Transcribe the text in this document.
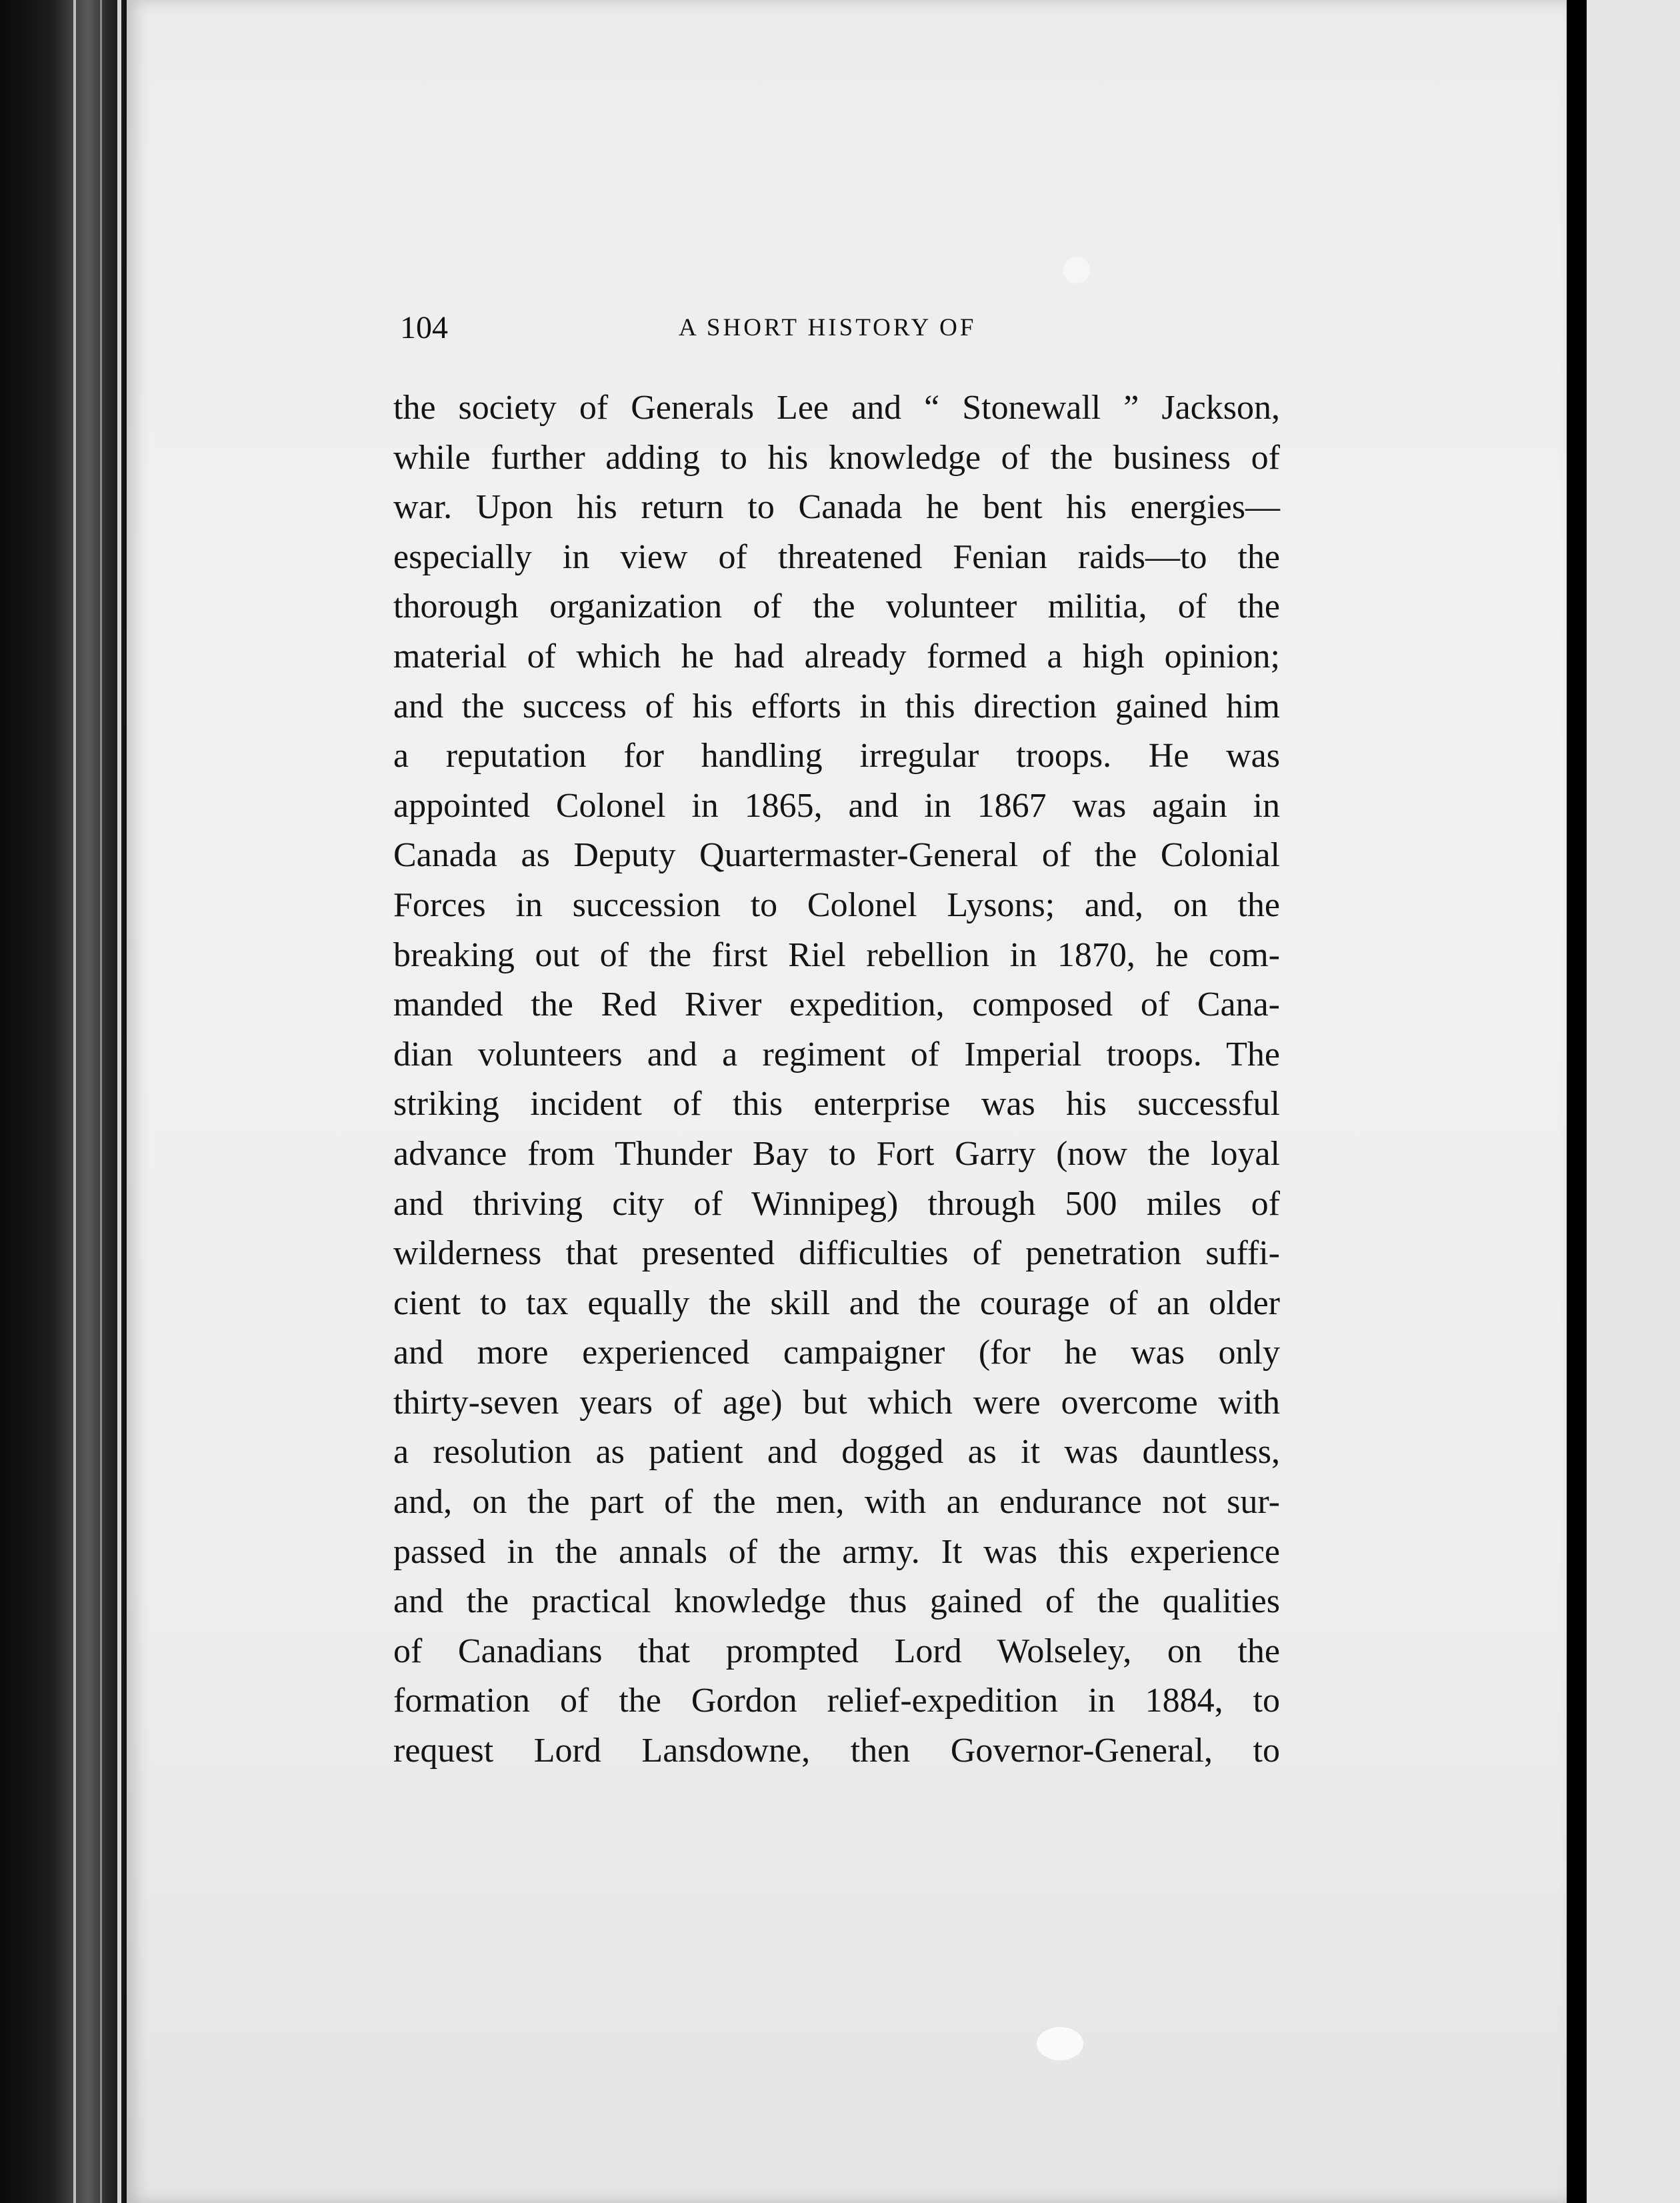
104	A SHORT HISTORY OF
the society of Generals Lee and “ Stonewall ” Jackson,
while further adding to his knowledge of the business of
war. Upon his return to Canada he bent his energies—
especially in view of threatened Fenian raids—to the
thorough organization of the volunteer militia, of the
material of which he had already formed a high opinion;
and the success of his efforts in this direction gained him
a reputation for handling irregular troops. He was
appointed Colonel in 1865, and in 1867 was again in
Canada as Deputy Quartermaster-General of the Colonial
Forces in succession to Colonel Lysons; and, on the
breaking out of the first Riel rebellion in 1870, he com-
manded the Red River expedition, composed of Cana-
dian volunteers and a regiment of Imperial troops. The
striking incident of this enterprise was his successful
advance from Thunder Bay to Fort Garry (now the loyal
and thriving city of Winnipeg) through 500 miles of
wilderness that presented difficulties of penetration suffi-
cient to tax equally the skill and the courage of an older
and more experienced campaigner (for he was only
thirty-seven years of age) but which were overcome with
a resolution as patient and dogged as it was dauntless,
and, on the part of the men, with an endurance not sur-
passed in the annals of the army. It was this experience
and the practical knowledge thus gained of the qualities
of Canadians that prompted Lord Wolseley, on the
formation of the Gordon relief-expedition in 1884, to
request Lord Lansdowne, then Governor-General, to
